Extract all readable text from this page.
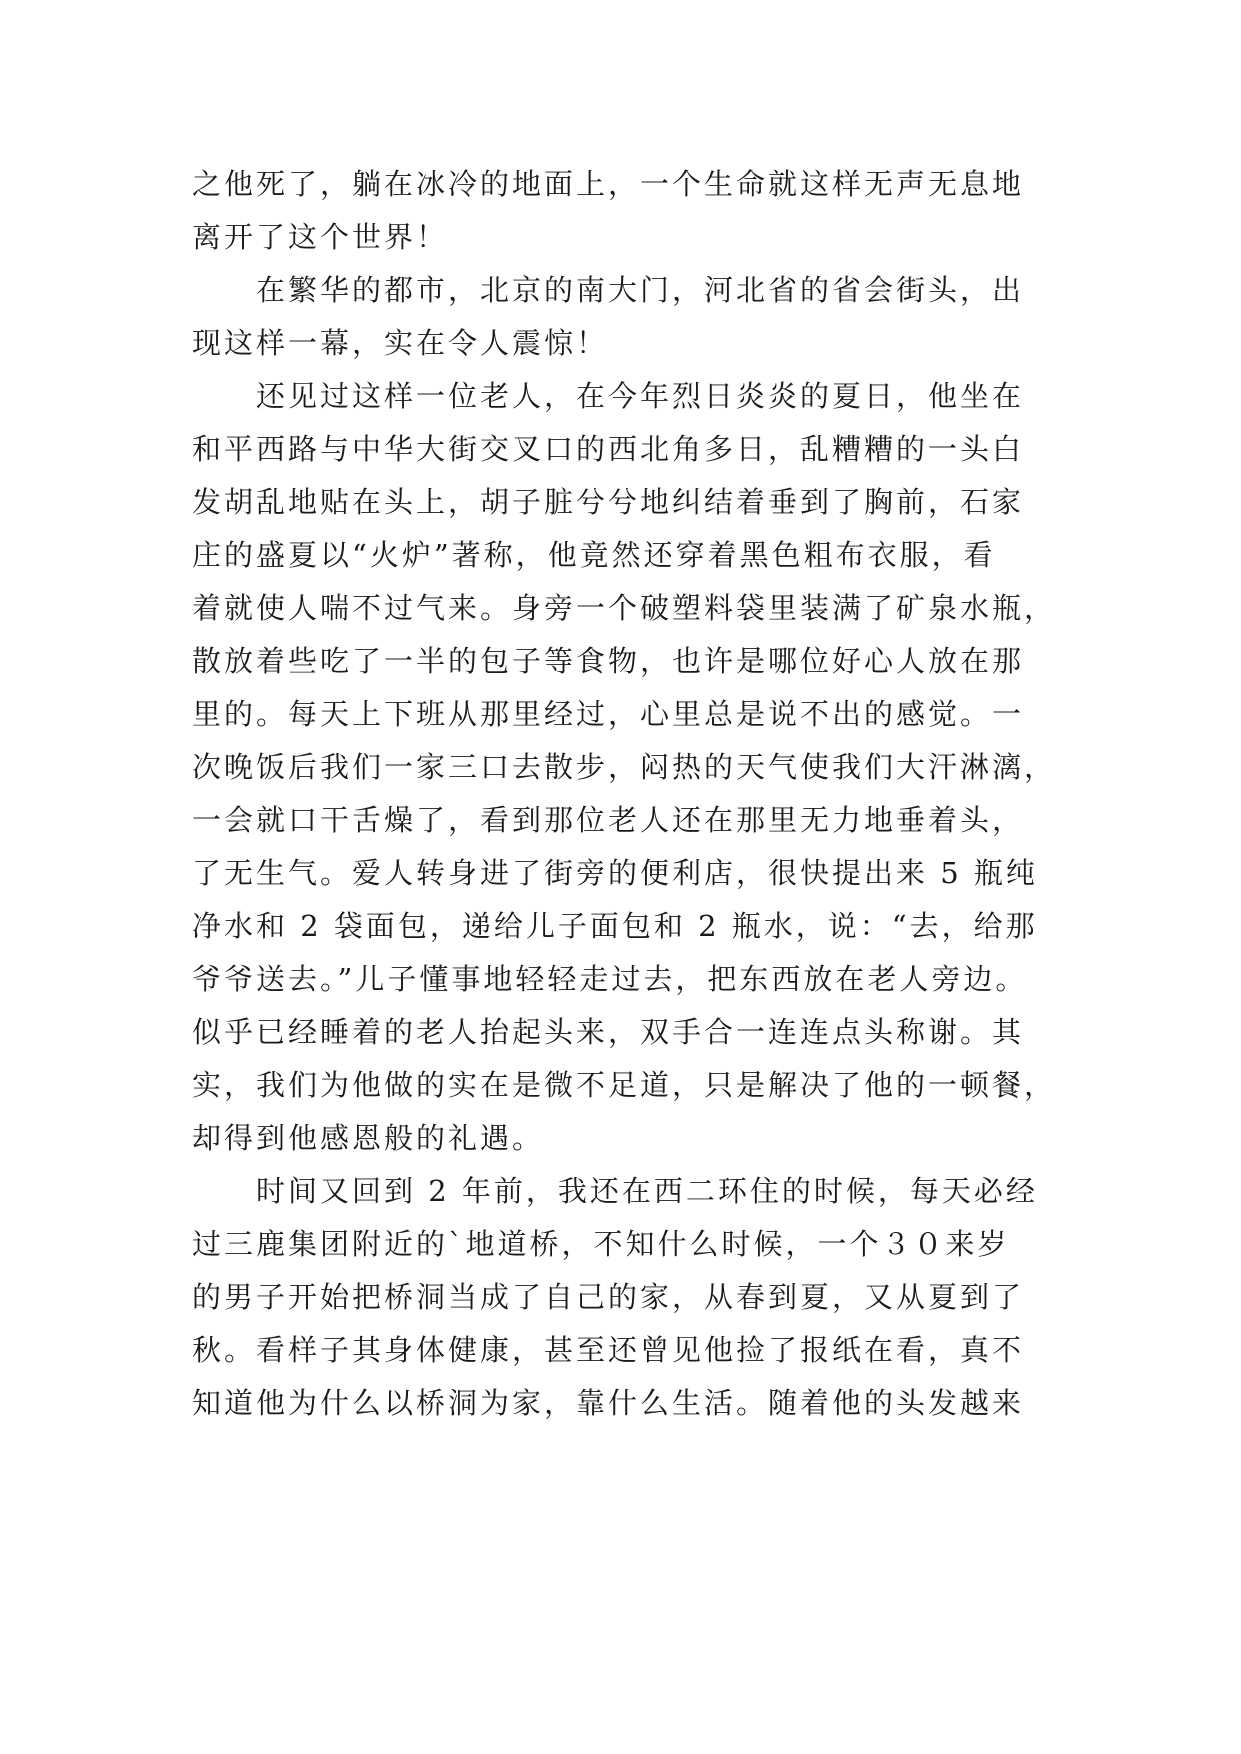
之他死了，躺在冰冷的地面上，一个生命就这样无声无息地
离开了这个世界！
　　在繁华的都市，北京的南大门，河北省的省会街头，出
现这样一幕，实在令人震惊！
　　还见过这样一位老人，在今年烈日炎炎的夏日，他坐在
和平西路与中华大街交叉口的西北角多日，乱糟糟的一头白
发胡乱地贴在头上，胡子脏兮兮地纠结着垂到了胸前，石家
庄的盛夏以“火炉”著称，他竟然还穿着黑色粗布衣服，看
着就使人喘不过气来。身旁一个破塑料袋里装满了矿泉水瓶，
散放着些吃了一半的包子等食物，也许是哪位好心人放在那
里的。每天上下班从那里经过，心里总是说不出的感觉。一
次晚饭后我们一家三口去散步，闷热的天气使我们大汗淋漓，
一会就口干舌燥了，看到那位老人还在那里无力地垂着头，
了无生气。爱人转身进了街旁的便利店，很快提出来 5 瓶纯
净水和 2 袋面包，递给儿子面包和 2 瓶水，说：“去，给那
爷爷送去。”儿子懂事地轻轻走过去，把东西放在老人旁边。
似乎已经睡着的老人抬起头来，双手合一连连点头称谢。其
实，我们为他做的实在是微不足道，只是解决了他的一顿餐，
却得到他感恩般的礼遇。
　　时间又回到 2 年前，我还在西二环住的时候，每天必经
过三鹿集团附近的`地道桥，不知什么时候，一个３０来岁
的男子开始把桥洞当成了自己的家，从春到夏，又从夏到了
秋。看样子其身体健康，甚至还曾见他捡了报纸在看，真不
知道他为什么以桥洞为家，靠什么生活。随着他的头发越来
